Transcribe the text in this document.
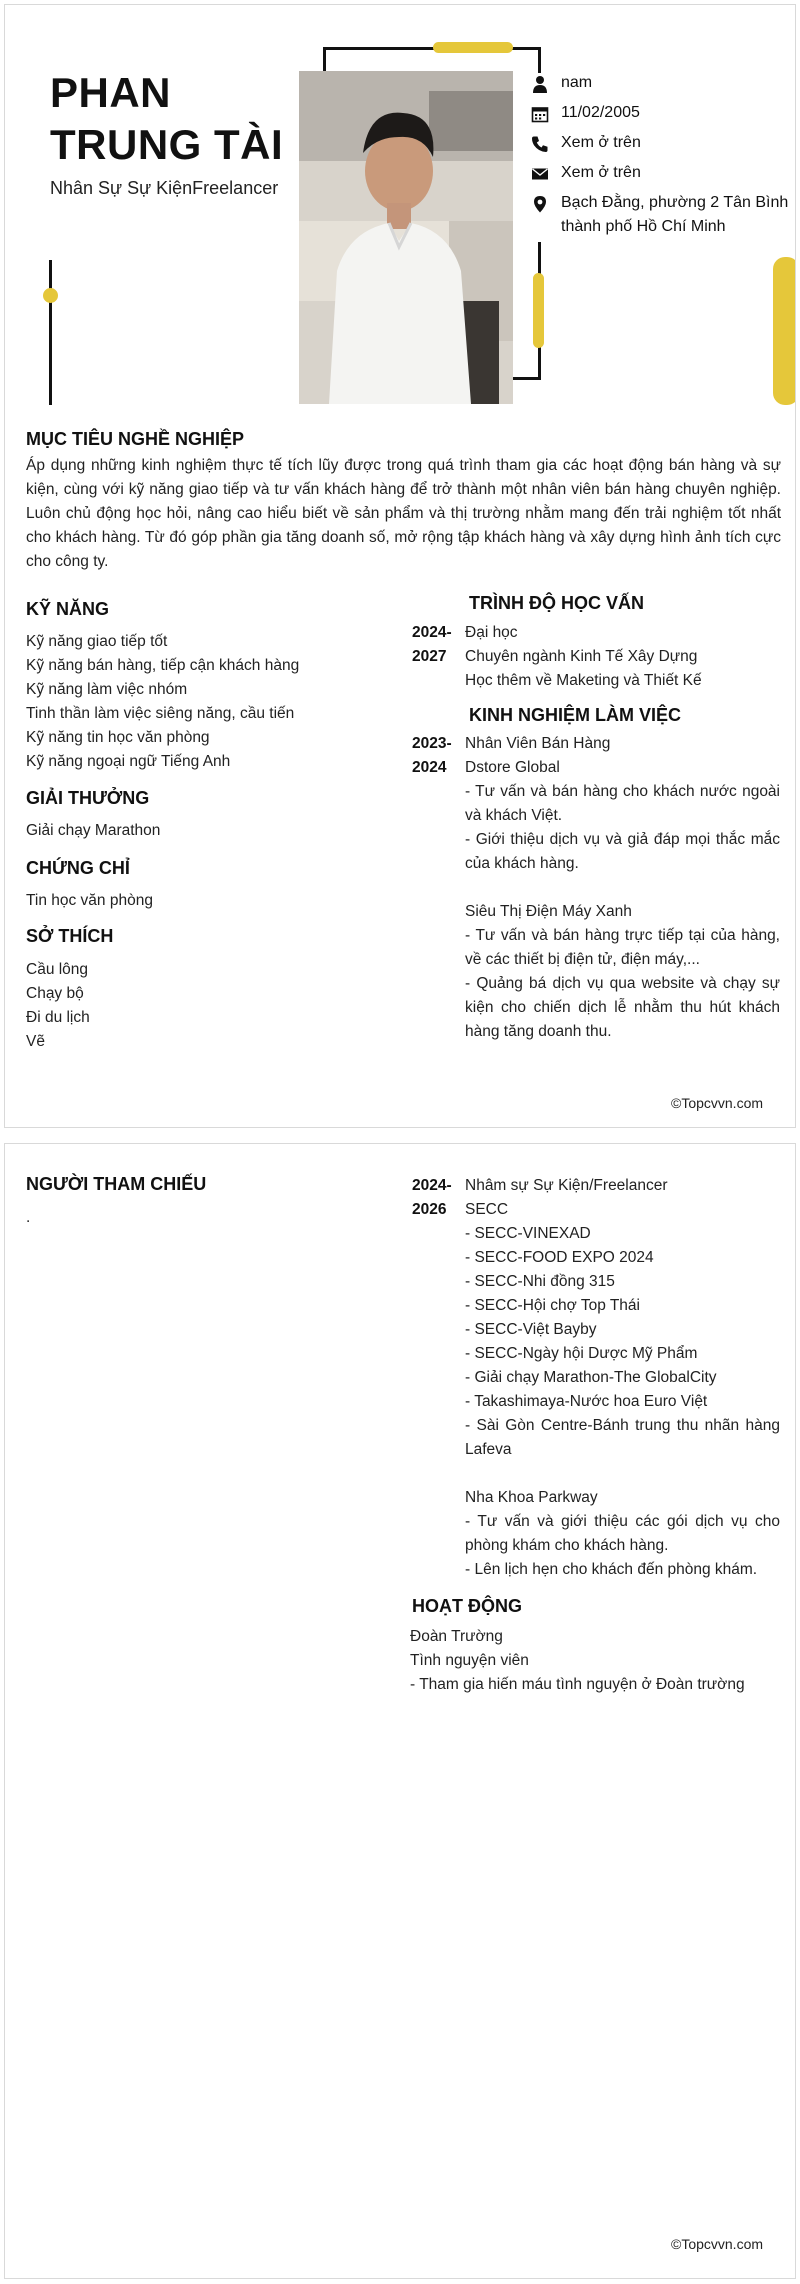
PHAN
TRUNG TÀI
Nhân Sự Sự KiệnFreelancer
nam
11/02/2005
Xem ở trên
Xem ở trên
Bạch Đằng, phường 2 Tân Bình thành phố Hồ Chí Minh
MỤC TIÊU NGHỀ NGHIỆP
Áp dụng những kinh nghiệm thực tế tích lũy được trong quá trình tham gia các hoạt động bán hàng và sự kiện, cùng với kỹ năng giao tiếp và tư vấn khách hàng để trở thành một nhân viên bán hàng chuyên nghiệp. Luôn chủ động học hỏi, nâng cao hiểu biết về sản phẩm và thị trường nhằm mang đến trải nghiệm tốt nhất cho khách hàng. Từ đó góp phần gia tăng doanh số, mở rộng tập khách hàng và xây dựng hình ảnh tích cực cho công ty.
KỸ NĂNG
Kỹ năng giao tiếp tốt
Kỹ năng bán hàng, tiếp cận khách hàng
Kỹ năng làm việc nhóm
Tinh thần làm việc siêng năng, cầu tiến
Kỹ năng tin học văn phòng
Kỹ năng ngoại ngữ Tiếng Anh
GIẢI THƯỞNG
Giải chạy Marathon
CHỨNG CHỈ
Tin học văn phòng
SỞ THÍCH
Cầu lông
Chạy bộ
Đi du lịch
Vẽ
TRÌNH ĐỘ HỌC VẤN
2024-
2027
Đại học
Chuyên ngành Kinh Tế Xây Dựng
Học thêm về Maketing và Thiết Kế
KINH NGHIỆM LÀM VIỆC
2023-
2024
Nhân Viên Bán Hàng
Dstore Global
- Tư vấn và bán hàng cho khách nước ngoài và khách Việt.
- Giới thiệu dịch vụ và giả đáp mọi thắc mắc của khách hàng.
Siêu Thị Điện Máy Xanh
- Tư vấn và bán hàng trực tiếp tại của hàng, về các thiết bị điện tử, điện máy,...
- Quảng bá dịch vụ qua website và chạy sự kiện cho chiến dịch lễ nhằm thu hút khách hàng tăng doanh thu.
©Topcvvn.com
NGƯỜI THAM CHIẾU
.
2024-
2026
Nhâm sự Sự Kiện/Freelancer
SECC
- SECC-VINEXAD
- SECC-FOOD EXPO 2024
- SECC-Nhi đồng 315
- SECC-Hội chợ Top Thái
- SECC-Việt Bayby
- SECC-Ngày hội Dược Mỹ Phẩm
- Giải chạy Marathon-The GlobalCity
- Takashimaya-Nước hoa Euro Việt
- Sài Gòn Centre-Bánh trung thu nhãn hàng Lafeva
Nha Khoa Parkway
- Tư vấn và giới thiệu các gói dịch vụ cho phòng khám cho khách hàng.
- Lên lịch hẹn cho khách đến phòng khám.
HOẠT ĐỘNG
Đoàn Trường
Tình nguyện viên
- Tham gia hiến máu tình nguyện ở Đoàn trường
©Topcvvn.com
